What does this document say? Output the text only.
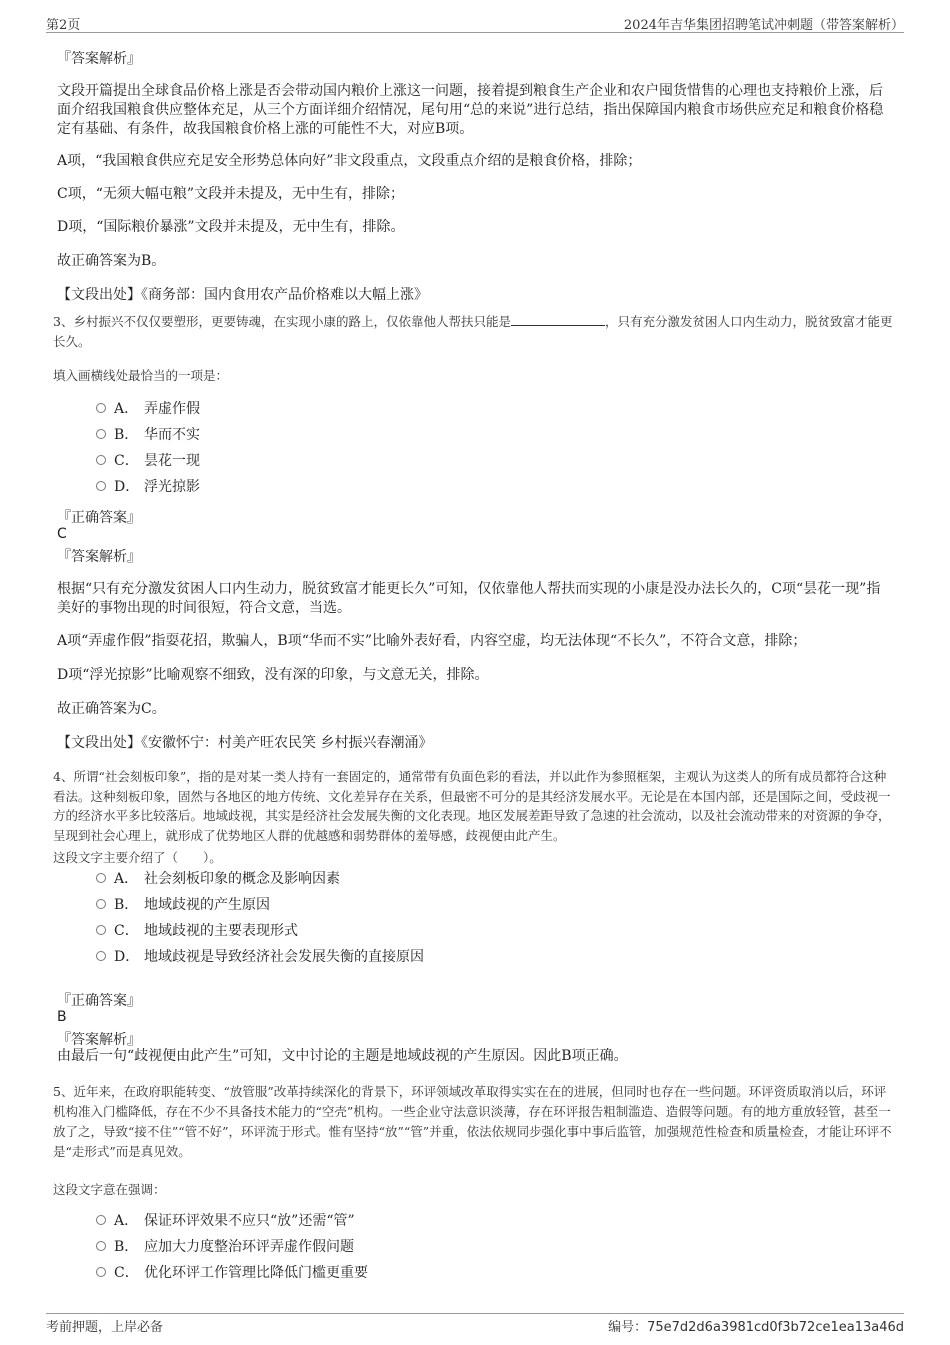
第2页	2024年吉华集团招聘笔试冲刺题（带答案解析）
『答案解析』
文段开篇提出全球食品价格上涨是否会带动国内粮价上涨这一问题，接着提到粮食生产企业和农户囤货惜售的心理也支持粮价上涨，后面介绍我国粮食供应整体充足，从三个方面详细介绍情况，尾句用“总的来说”进行总结，指出保障国内粮食市场供应充足和粮食价格稳定有基础、有条件，故我国粮食价格上涨的可能性不大，对应B项。
A项，“我国粮食供应充足安全形势总体向好”非文段重点，文段重点介绍的是粮食价格，排除；
C项，“无须大幅屯粮”文段并未提及，无中生有，排除；
D项，“国际粮价暴涨”文段并未提及，无中生有，排除。
故正确答案为B。
【文段出处】《商务部：国内食用农产品价格难以大幅上涨》
3、乡村振兴不仅仅要塑形，更要铸魂，在实现小康的路上，仅依靠他人帮扶只能是	，只有充分激发贫困人口内生动力，脱贫致富才能更长久。
填入画横线处最恰当的一项是：
A． 弄虚作假
B． 华而不实
C． 昙花一现
D． 浮光掠影
『正确答案』
C
『答案解析』
根据“只有充分激发贫困人口内生动力，脱贫致富才能更长久”可知，仅依靠他人帮扶而实现的小康是没办法长久的，C项“昙花一现”指美好的事物出现的时间很短，符合文意，当选。
A项“弄虚作假”指耍花招，欺骗人，B项“华而不实”比喻外表好看，内容空虚，均无法体现“不长久”，不符合文意，排除；
D项“浮光掠影”比喻观察不细致，没有深的印象，与文意无关，排除。
故正确答案为C。
【文段出处】《安徽怀宁：村美产旺农民笑 乡村振兴春潮涌》
4、所谓“社会刻板印象”，指的是对某一类人持有一套固定的，通常带有负面色彩的看法，并以此作为参照框架，主观认为这类人的所有成员都符合这种看法。这种刻板印象，固然与各地区的地方传统、文化差异存在关系，但最密不可分的是其经济发展水平。无论是在本国内部，还是国际之间，受歧视一方的经济水平多比较落后。地域歧视，其实是经济社会发展失衡的文化表现。地区发展差距导致了急速的社会流动，以及社会流动带来的对资源的争夺，呈现到社会心理上，就形成了优势地区人群的优越感和弱势群体的羞辱感，歧视便由此产生。
这段文字主要介绍了（　　）。
A． 社会刻板印象的概念及影响因素
B． 地域歧视的产生原因
C． 地域歧视的主要表现形式
D． 地域歧视是导致经济社会发展失衡的直接原因
『正确答案』
B
『答案解析』
由最后一句“歧视便由此产生”可知，文中讨论的主题是地域歧视的产生原因。因此B项正确。
5、近年来，在政府职能转变、“放管服”改革持续深化的背景下，环评领域改革取得实实在在的进展，但同时也存在一些问题。环评资质取消以后，环评机构准入门槛降低，存在不少不具备技术能力的“空壳”机构。一些企业守法意识淡薄，存在环评报告粗制滥造、造假等问题。有的地方重放轻管，甚至一放了之，导致“接不住”“管不好”，环评流于形式。惟有坚持“放”“管”并重，依法依规同步强化事中事后监管，加强规范性检查和质量检查，才能让环评不是“走形式”而是真见效。
这段文字意在强调：
A． 保证环评效果不应只“放”还需“管”
B． 应加大力度整治环评弄虚作假问题
C． 优化环评工作管理比降低门槛更重要
考前押题，上岸必备	编号：75e7d2d6a3981cd0f3b72ce1ea13a46d
